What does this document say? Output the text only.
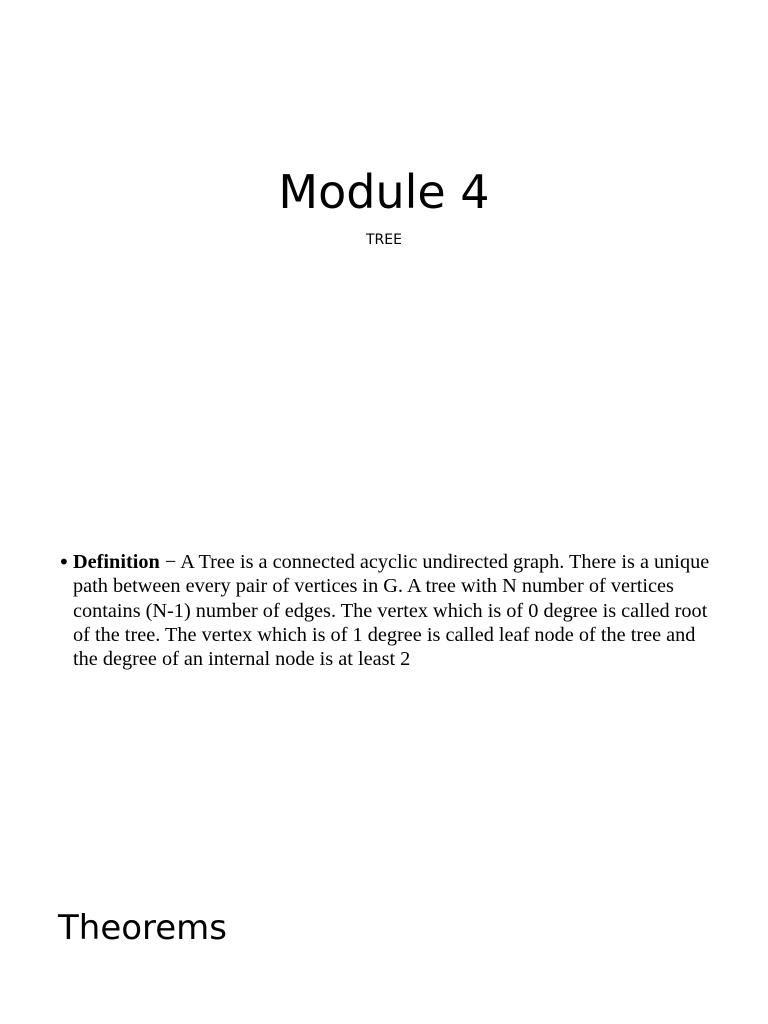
Module 4
TREE
• Definition − A Tree is a connected acyclic undirected graph. There is a unique path between every pair of vertices in G. A tree with N number of vertices contains (N-1) number of edges. The vertex which is of 0 degree is called root of the tree. The vertex which is of 1 degree is called leaf node of the tree and the degree of an internal node is at least 2

Theorems
